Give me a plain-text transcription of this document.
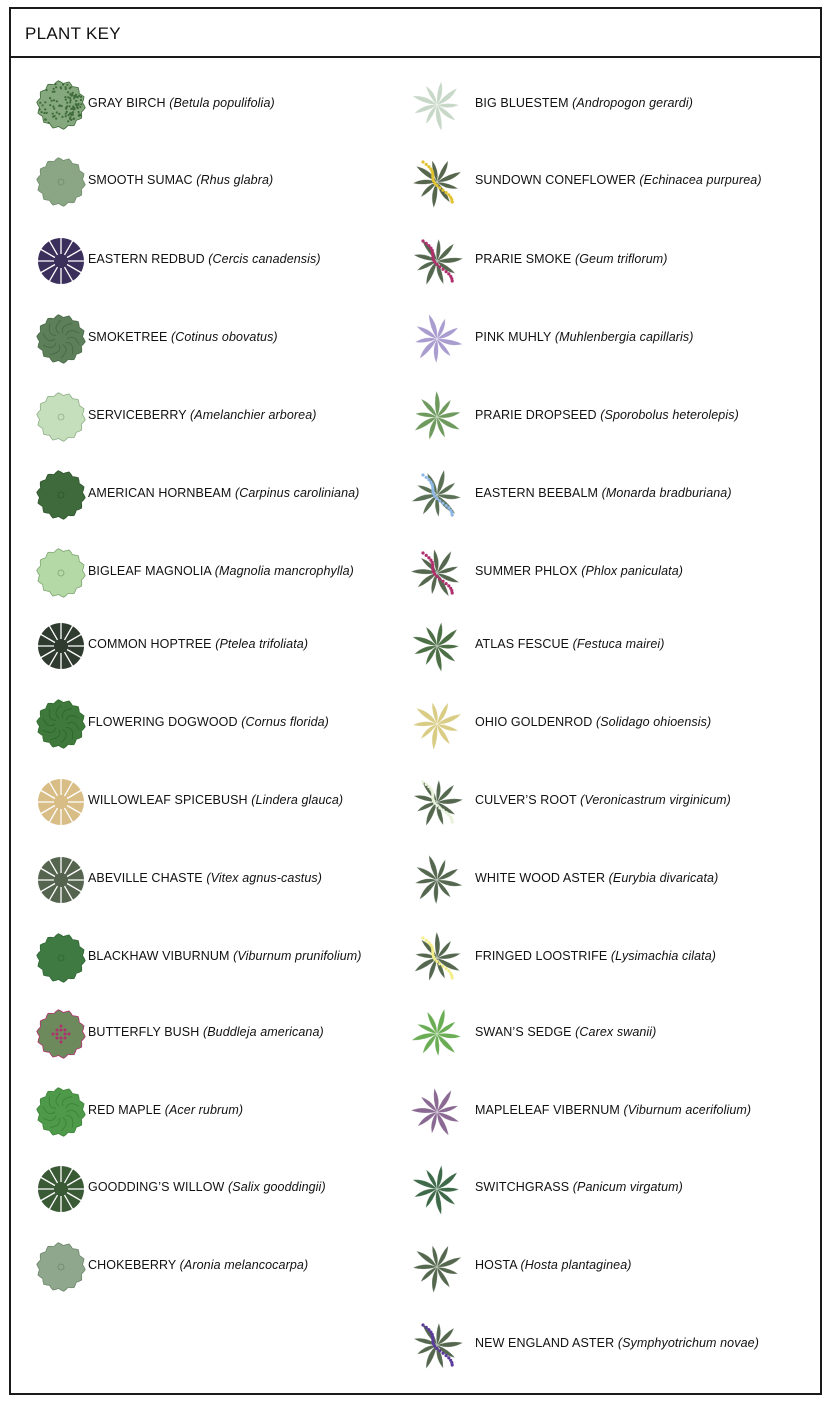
PLANT KEY
GRAY BIRCH (Betula populifolia)
SMOOTH SUMAC (Rhus glabra)
EASTERN REDBUD (Cercis canadensis)
SMOKETREE (Cotinus obovatus)
SERVICEBERRY (Amelanchier arborea)
AMERICAN HORNBEAM (Carpinus caroliniana)
BIGLEAF MAGNOLIA (Magnolia mancrophylla)
COMMON HOPTREE (Ptelea trifoliata)
FLOWERING DOGWOOD (Cornus florida)
WILLOWLEAF SPICEBUSH (Lindera glauca)
ABEVILLE CHASTE (Vitex agnus-castus)
BLACKHAW VIBURNUM (Viburnum prunifolium)
BUTTERFLY BUSH (Buddleja americana)
RED MAPLE (Acer rubrum)
GOODDING’S WILLOW (Salix gooddingii)
CHOKEBERRY (Aronia melancocarpa)
BIG BLUESTEM (Andropogon gerardi)
SUNDOWN CONEFLOWER (Echinacea purpurea)
PRARIE SMOKE (Geum triflorum)
PINK MUHLY (Muhlenbergia capillaris)
PRARIE DROPSEED (Sporobolus heterolepis)
EASTERN BEEBALM (Monarda bradburiana)
SUMMER PHLOX (Phlox paniculata)
ATLAS FESCUE (Festuca mairei)
OHIO GOLDENROD (Solidago ohioensis)
CULVER’S ROOT (Veronicastrum virginicum)
WHITE WOOD ASTER (Eurybia divaricata)
FRINGED LOOSTRIFE (Lysimachia cilata)
SWAN’S SEDGE (Carex swanii)
MAPLELEAF VIBERNUM (Viburnum acerifolium)
SWITCHGRASS (Panicum virgatum)
HOSTA (Hosta plantaginea)
NEW ENGLAND ASTER (Symphyotrichum novae)
